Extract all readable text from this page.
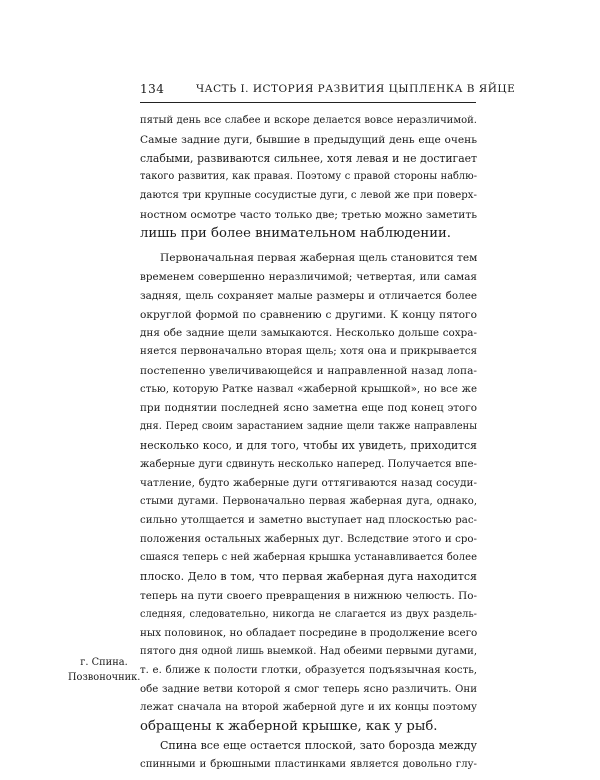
134	ЧАСТЬ I. ИСТОРИЯ РАЗВИТИЯ ЦЫПЛЕНКА В ЯЙЦЕ
пятый день все слабее и вскоре делается вовсе неразличимой.
Самые задние дуги, бывшие в предыдущий день еще очень
слабыми, развиваются сильнее, хотя левая и не достигает
такого развития, как правая. Поэтому с правой стороны наблю-
даются три крупные сосудистые дуги, с левой же при поверх-
ностном осмотре часто только две; третью можно заметить
лишь при более внимательном наблюдении.
Первоначальная первая жаберная щель становится тем
временем совершенно неразличимой; четвертая, или самая
задняя, щель сохраняет малые размеры и отличается более
округлой формой по сравнению с другими. К концу пятого
дня обе задние щели замыкаются. Несколько дольше сохра-
няется первоначально вторая щель; хотя она и прикрывается
постепенно увеличивающейся и направленной назад лопа-
стью, которую Ратке назвал «жаберной крышкой», но все же
при поднятии последней ясно заметна еще под конец этого
дня. Перед своим зарастанием задние щели также направлены
несколько косо, и для того, чтобы их увидеть, приходится
жаберные дуги сдвинуть несколько наперед. Получается впе-
чатление, будто жаберные дуги оттягиваются назад сосуди-
стыми дугами. Первоначально первая жаберная дуга, однако,
сильно утолщается и заметно выступает над плоскостью рас-
положения остальных жаберных дуг. Вследствие этого и сро-
сшаяся теперь с ней жаберная крышка устанавливается более
плоско. Дело в том, что первая жаберная дуга находится
теперь на пути своего превращения в нижнюю челюсть. По-
следняя, следовательно, никогда не слагается из двух раздель-
ных половинок, но обладает посредине в продолжение всего
пятого дня одной лишь выемкой. Над обеими первыми дугами,
т. е. ближе к полости глотки, образуется подъязычная кость,
обе задние ветви которой я смог теперь ясно различить. Они
лежат сначала на второй жаберной дуге и их концы поэтому
обращены к жаберной крышке, как у рыб.
Спина все еще остается плоской, зато борозда между
спинными и брюшными пластинками является довольно глу-
г. Спина.
Позвоночник.
